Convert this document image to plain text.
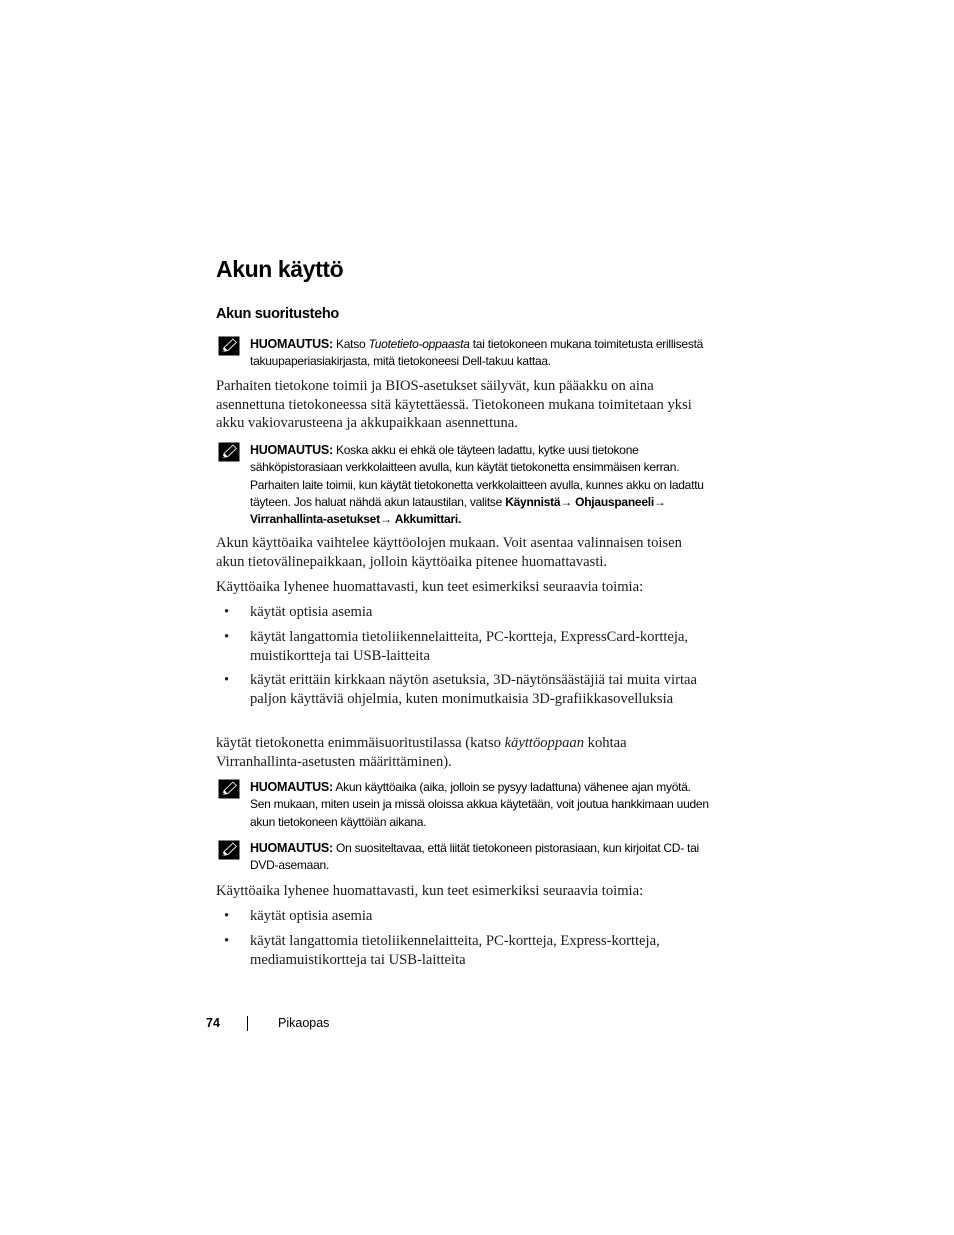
Akun käyttö
Akun suoritusteho
HUOMAUTUS: Katso Tuotetieto-oppaasta tai tietokoneen mukana toimitetusta erillisestä takuupaperiasiakirjasta, mitä tietokoneesi Dell-takuu kattaa.
Parhaiten tietokone toimii ja BIOS-asetukset säilyvät, kun pääakku on aina asennettuna tietokoneessa sitä käytettäessä. Tietokoneen mukana toimitetaan yksi akku vakiovarusteena ja akkupaikkaan asennettuna.
HUOMAUTUS: Koska akku ei ehkä ole täyteen ladattu, kytke uusi tietokone sähköpistorasiaan verkkolaitteen avulla, kun käytät tietokonetta ensimmäisen kerran. Parhaiten laite toimii, kun käytät tietokonetta verkkolaitteen avulla, kunnes akku on ladattu täyteen. Jos haluat nähdä akun lataustilan, valitse Käynnistä→ Ohjauspaneeli→ Virranhallinta-asetukset→ Akkumittari.
Akun käyttöaika vaihtelee käyttöolojen mukaan. Voit asentaa valinnaisen toisen akun tietovälinepaikkaan, jolloin käyttöaika pitenee huomattavasti.
Käyttöaika lyhenee huomattavasti, kun teet esimerkiksi seuraavia toimia:
• käytät optisia asemia
• käytät langattomia tietoliikennelaitteita, PC-kortteja, ExpressCard-kortteja, muistikortteja tai USB-laitteita
• käytät erittäin kirkkaan näytön asetuksia, 3D-näytönsäästäjiä tai muita virtaa paljon käyttäviä ohjelmia, kuten monimutkaisia 3D-grafiikkasovelluksia
käytät tietokonetta enimmäisuoritustilassa (katso käyttöoppaan kohtaa Virranhallinta-asetusten määrittäminen).
HUOMAUTUS: Akun käyttöaika (aika, jolloin se pysyy ladattuna) vähenee ajan myötä. Sen mukaan, miten usein ja missä oloissa akkua käytetään, voit joutua hankkimaan uuden akun tietokoneen käyttöiän aikana.
HUOMAUTUS: On suositeltavaa, että liität tietokoneen pistorasiaan, kun kirjoitat CD- tai DVD-asemaan.
Käyttöaika lyhenee huomattavasti, kun teet esimerkiksi seuraavia toimia:
• käytät optisia asemia
• käytät langattomia tietoliikennelaitteita, PC-kortteja, Express-kortteja, mediamuistikortteja tai USB-laitteita
74	Pikaopas
